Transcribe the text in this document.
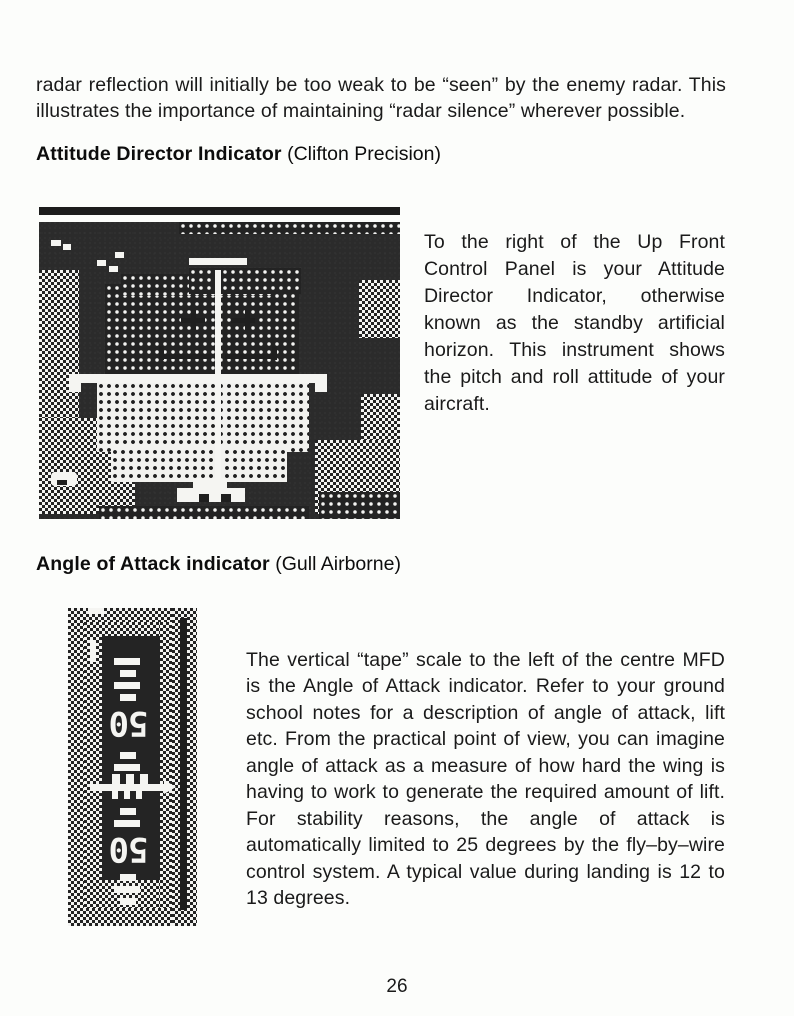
radar reflection will initially be too weak to be “seen” by the enemy radar. This illustrates the importance of maintaining “radar silence” wherever possible.

Attitude Director Indicator (Clifton Precision)

To the right of the Up Front Control Panel is your Attitude Director Indicator, otherwise known as the standby artificial horizon. This instrument shows the pitch and roll attitude of your aircraft.

Angle of Attack indicator (Gull Airborne)
50
50

The vertical “tape” scale to the left of the centre MFD is the Angle of Attack indicator. Refer to your ground school notes for a description of angle of attack, lift etc. From the practical point of view, you can imagine angle of attack as a measure of how hard the wing is having to work to generate the required amount of lift. For stability reasons, the angle of attack is automatically limited to 25 degrees by the fly–by–wire control system. A typical value during landing is 12 to 13 degrees.

26
